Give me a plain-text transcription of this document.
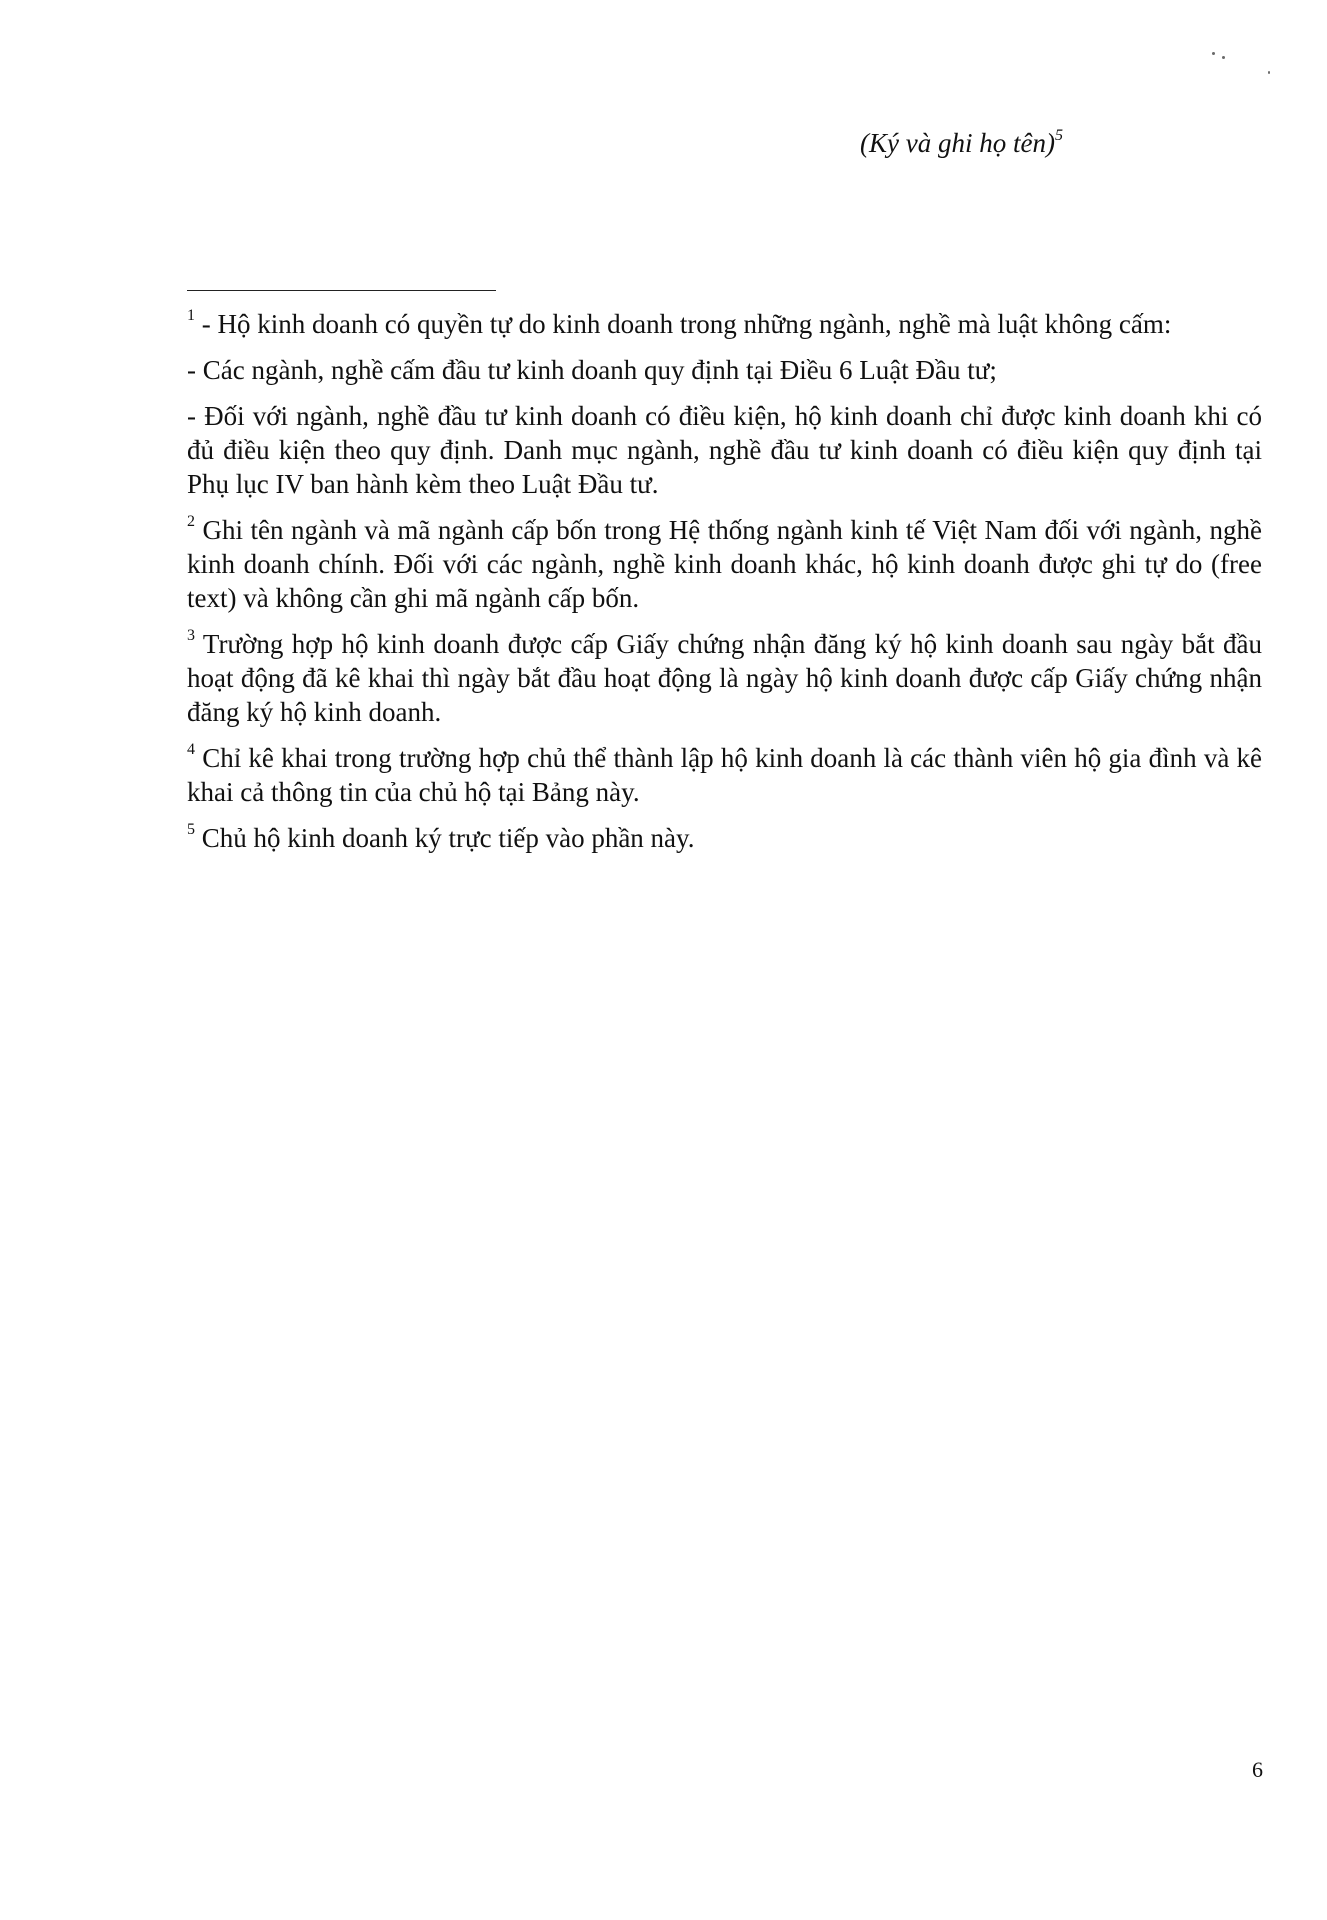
(Ký và ghi họ tên)$^5$

$^1$ - Hộ kinh doanh có quyền tự do kinh doanh trong những ngành, nghề mà luật không cấm:

- Các ngành, nghề cấm đầu tư kinh doanh quy định tại Điều 6 Luật Đầu tư;

- Đối với ngành, nghề đầu tư kinh doanh có điều kiện, hộ kinh doanh chỉ được kinh doanh khi có đủ điều kiện theo quy định. Danh mục ngành, nghề đầu tư kinh doanh có điều kiện quy định tại Phụ lục IV ban hành kèm theo Luật Đầu tư.

$^2$ Ghi tên ngành và mã ngành cấp bốn trong Hệ thống ngành kinh tế Việt Nam đối với ngành, nghề kinh doanh chính. Đối với các ngành, nghề kinh doanh khác, hộ kinh doanh được ghi tự do (free text) và không cần ghi mã ngành cấp bốn.

$^3$ Trường hợp hộ kinh doanh được cấp Giấy chứng nhận đăng ký hộ kinh doanh sau ngày bắt đầu hoạt động đã kê khai thì ngày bắt đầu hoạt động là ngày hộ kinh doanh được cấp Giấy chứng nhận đăng ký hộ kinh doanh.

$^4$ Chỉ kê khai trong trường hợp chủ thể thành lập hộ kinh doanh là các thành viên hộ gia đình và kê khai cả thông tin của chủ hộ tại Bảng này.

$^5$ Chủ hộ kinh doanh ký trực tiếp vào phần này.

6
